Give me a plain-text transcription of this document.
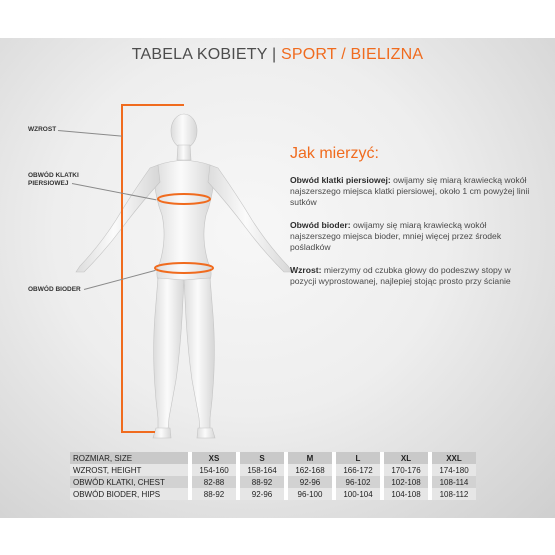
TABELA KOBIETY | SPORT / BIELIZNA
WZROST
OBWÓD KLATKI
PIERSIOWEJ
OBWÓD BIODER
Jak mierzyć:

Obwód klatki piersiowej: owijamy się miarą krawiecką wokół najszerszego miejsca klatki piersiowej, około 1 cm powyżej linii sutków

Obwód bioder: owijamy się miarą krawiecką wokół najszerszego miejsca bioder, mniej więcej przez środek pośladków

Wzrost: mierzymy od czubka głowy do podeszwy stopy w pozycji wyprostowanej, najlepiej stojąc prosto przy ścianie

ROZMIAR, SIZE	XS	S	M	L	XL	XXL
WZROST, HEIGHT	154-160	158-164	162-168	166-172	170-176	174-180
OBWÓD KLATKI, CHEST	82-88	88-92	92-96	96-102	102-108	108-114
OBWÓD BIODER, HIPS	88-92	92-96	96-100	100-104	104-108	108-112
